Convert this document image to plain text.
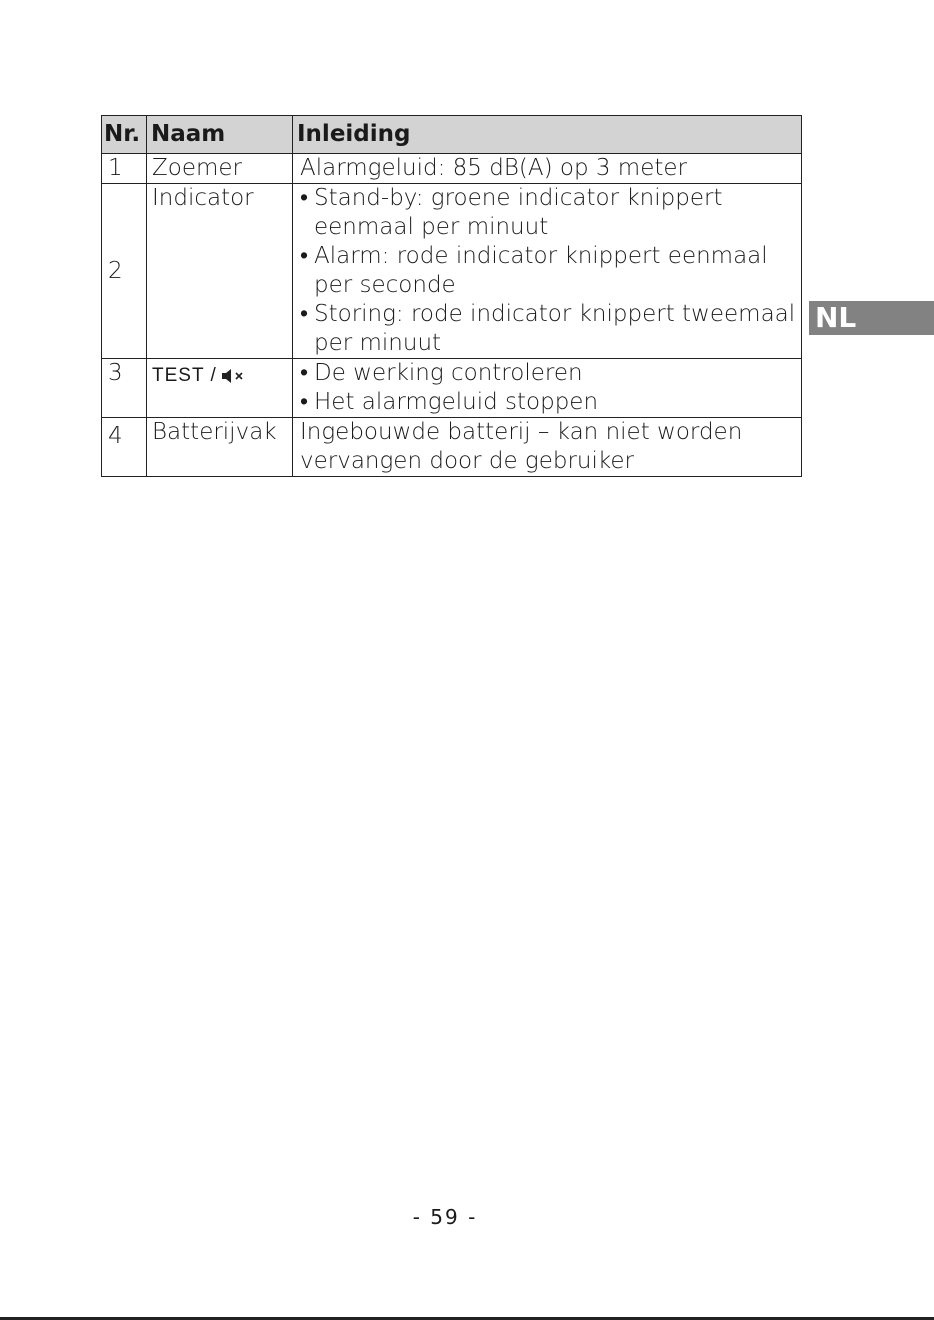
Nr.	Naam	Inleiding
1	Zoemer	Alarmgeluid: 85 dB(A) op 3 meter
2	Indicator	• Stand-by: groene indicator knippert eenmaal per minuut
• Alarm: rode indicator knippert eenmaal per seconde
• Storing: rode indicator knippert tweemaal per minuut

3	TEST /	• De werking controleren
• Het alarmgeluid stoppen

4	Batterijvak	Ingebouwde batterij – kan niet worden vervangen door de gebruiker
NL
- 59 -
